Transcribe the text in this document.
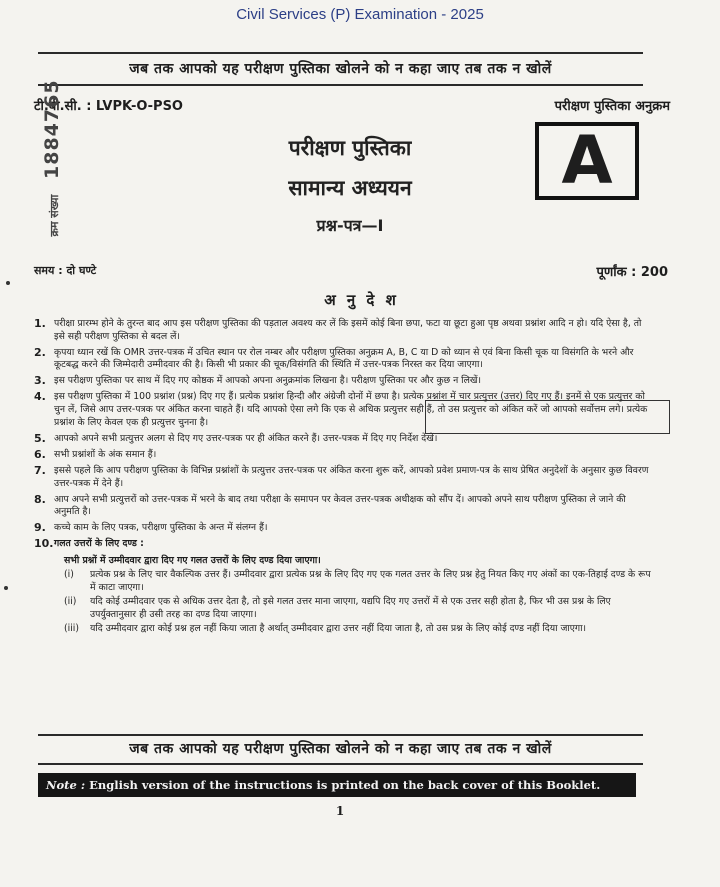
Civil Services (P) Examination - 2025
जब तक आपको यह परीक्षण पुस्तिका खोलने को न कहा जाए तब तक न खोलें
टी.बी.सी. : LVPK-O-PSO	परीक्षण पुस्तिका अनुक्रम
परीक्षण पुस्तिका
सामान्य अध्ययन
प्रश्न-पत्र—I
A
क्रम संख्या 1884765
समय : दो घण्टे	पूर्णांक : 200
अ नु दे श
1. परीक्षा प्रारम्भ होने के तुरन्त बाद आप इस परीक्षण पुस्तिका की पड़ताल अवश्य कर लें कि इसमें कोई बिना छपा, फटा या छूटा हुआ पृष्ठ अथवा प्रश्नांश आदि न हो। यदि ऐसा है, तो इसे सही परीक्षण पुस्तिका से बदल लें।
2. कृपया ध्यान रखें कि OMR उत्तर-पत्रक में उचित स्थान पर रोल नम्बर और परीक्षण पुस्तिका अनुक्रम A, B, C या D को ध्यान से एवं बिना किसी चूक या विसंगति के भरने और कूटबद्ध करने की जिम्मेदारी उम्मीदवार की है। किसी भी प्रकार की चूक/विसंगति की स्थिति में उत्तर-पत्रक निरस्त कर दिया जाएगा।
3. इस परीक्षण पुस्तिका पर साथ में दिए गए कोष्ठक में आपको अपना अनुक्रमांक लिखना है। परीक्षण पुस्तिका पर और कुछ न लिखें।
4. इस परीक्षण पुस्तिका में 100 प्रश्नांश (प्रश्न) दिए गए हैं। प्रत्येक प्रश्नांश हिन्दी और अंग्रेजी दोनों में छपा है। प्रत्येक प्रश्नांश में चार प्रत्युत्तर (उत्तर) दिए गए हैं। इनमें से एक प्रत्युत्तर को चुन लें, जिसे आप उत्तर-पत्रक पर अंकित करना चाहते हैं। यदि आपको ऐसा लगे कि एक से अधिक प्रत्युत्तर सही हैं, तो उस प्रत्युत्तर को अंकित करें जो आपको सर्वोत्तम लगे। प्रत्येक प्रश्नांश के लिए केवल एक ही प्रत्युत्तर चुनना है।
5. आपको अपने सभी प्रत्युत्तर अलग से दिए गए उत्तर-पत्रक पर ही अंकित करने हैं। उत्तर-पत्रक में दिए गए निर्देश देखें।
6. सभी प्रश्नांशों के अंक समान हैं।
7. इससे पहले कि आप परीक्षण पुस्तिका के विभिन्न प्रश्नांशों के प्रत्युत्तर उत्तर-पत्रक पर अंकित करना शुरू करें, आपको प्रवेश प्रमाण-पत्र के साथ प्रेषित अनुदेशों के अनुसार कुछ विवरण उत्तर-पत्रक में देने हैं।
8. आप अपने सभी प्रत्युत्तरों को उत्तर-पत्रक में भरने के बाद तथा परीक्षा के समापन पर केवल उत्तर-पत्रक अधीक्षक को सौंप दें। आपको अपने साथ परीक्षण पुस्तिका ले जाने की अनुमति है।
9. कच्चे काम के लिए पत्रक, परीक्षण पुस्तिका के अन्त में संलग्न हैं।
10. गलत उत्तरों के लिए दण्ड :
सभी प्रश्नों में उम्मीदवार द्वारा दिए गए गलत उत्तरों के लिए दण्ड दिया जाएगा।
(i)	प्रत्येक प्रश्न के लिए चार वैकल्पिक उत्तर हैं। उम्मीदवार द्वारा प्रत्येक प्रश्न के लिए दिए गए एक गलत उत्तर के लिए प्रश्न हेतु नियत किए गए अंकों का एक-तिहाई दण्ड के रूप में काटा जाएगा।
(ii)	यदि कोई उम्मीदवार एक से अधिक उत्तर देता है, तो इसे गलत उत्तर माना जाएगा, यद्यपि दिए गए उत्तरों में से एक उत्तर सही होता है, फिर भी उस प्रश्न के लिए उपर्युक्तानुसार ही उसी तरह का दण्ड दिया जाएगा।
(iii)	यदि उम्मीदवार द्वारा कोई प्रश्न हल नहीं किया जाता है अर्थात् उम्मीदवार द्वारा उत्तर नहीं दिया जाता है, तो उस प्रश्न के लिए कोई दण्ड नहीं दिया जाएगा।
जब तक आपको यह परीक्षण पुस्तिका खोलने को न कहा जाए तब तक न खोलें
Note : English version of the instructions is printed on the back cover of this Booklet.
1
